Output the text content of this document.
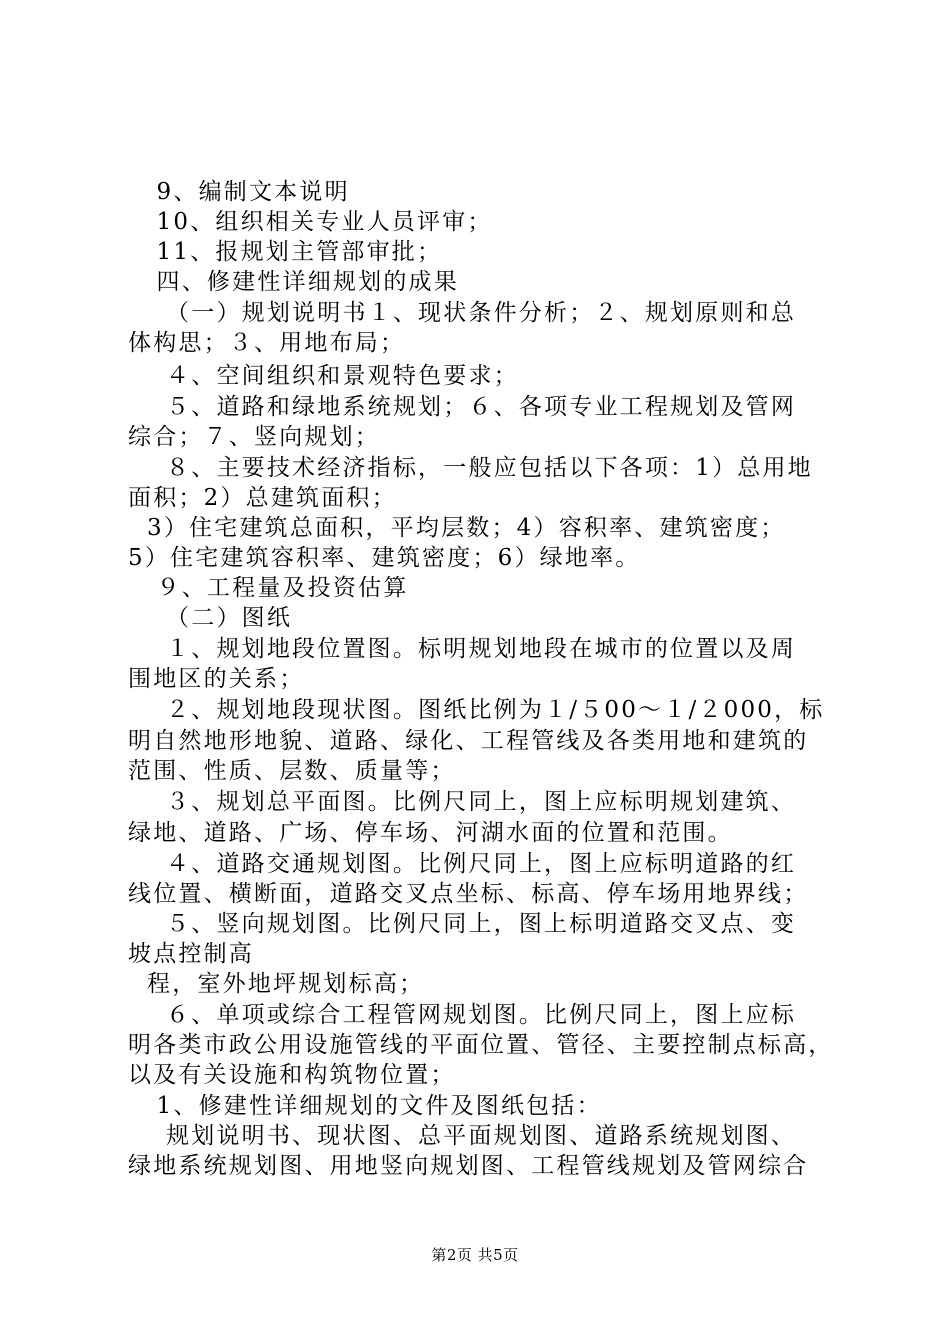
9、编制文本说明
10、组织相关专业人员评审；
11、报规划主管部审批；
四、修建性详细规划的成果
（一）规划说明书１、现状条件分析；２、规划原则和总
体构思；３、用地布局；
４、空间组织和景观特色要求；
５、道路和绿地系统规划；６、各项专业工程规划及管网
综合；７、竖向规划；
８、主要技术经济指标，一般应包括以下各项：1）总用地
面积；2）总建筑面积；
3）住宅建筑总面积，平均层数；4）容积率、建筑密度；
5）住宅建筑容积率、建筑密度；6）绿地率。
９、工程量及投资估算
（二）图纸
１、规划地段位置图。标明规划地段在城市的位置以及周
围地区的关系；
２、规划地段现状图。图纸比例为１/５00～１/２000，标
明自然地形地貌、道路、绿化、工程管线及各类用地和建筑的
范围、性质、层数、质量等；
３、规划总平面图。比例尺同上，图上应标明规划建筑、
绿地、道路、广场、停车场、河湖水面的位置和范围。
４、道路交通规划图。比例尺同上，图上应标明道路的红
线位置、横断面，道路交叉点坐标、标高、停车场用地界线；
５、竖向规划图。比例尺同上，图上标明道路交叉点、变
坡点控制高
程，室外地坪规划标高；
６、单项或综合工程管网规划图。比例尺同上，图上应标
明各类市政公用设施管线的平面位置、管径、主要控制点标高，
以及有关设施和构筑物位置；
1、修建性详细规划的文件及图纸包括：
规划说明书、现状图、总平面规划图、道路系统规划图、
绿地系统规划图、用地竖向规划图、工程管线规划及管网综合
第2页 共5页
